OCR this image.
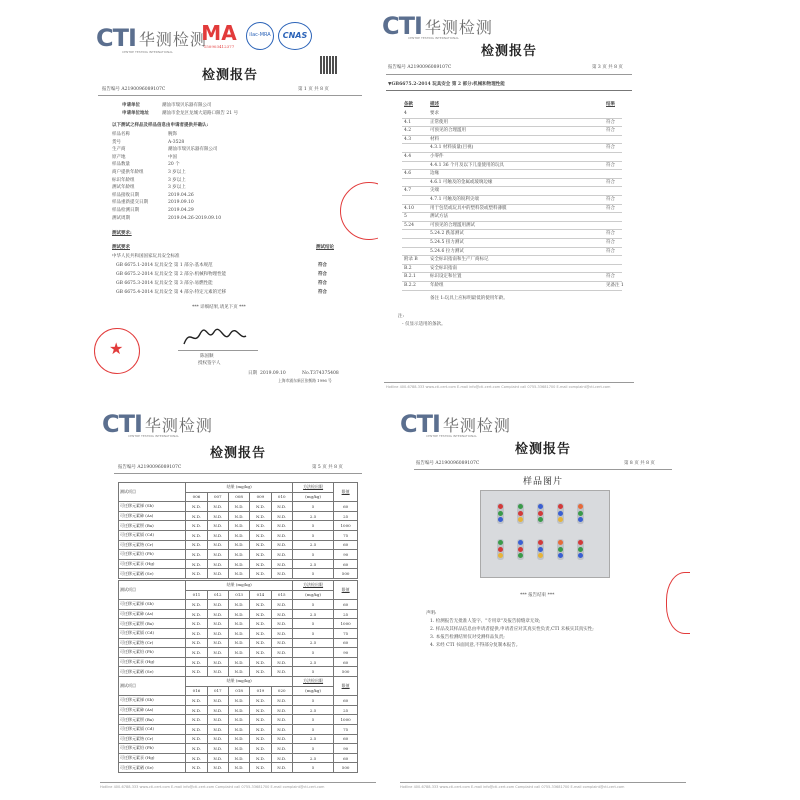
CTI 华测检测
CENTRE TESTING INTERNATIONAL
MA
150903412377
ilac-MRA	CNAS
检测报告
报告编号 A2190096089107C	第 1 页 共 8 页
申请单位	潮汕市瑞贝乐器有限公司
申请单位地址	潮汕市金龙区龙城大道路口限告 21 号
以下测试之样品及样品信息由申请者提供并确认:
样品名称	腕饰
货号	A-3528
生产商	潮汕市瑞贝乐器有限公司
原产地	中国
样品数量	20 个
商户提供年龄组	3 岁以上
标识年龄组	3 岁以上
测试年龄组	3 岁以上
样品接收日期	2019.04.26
样品重新提交日期	2019.09.10
样品检测日期	2019.04.29
测试周期	2019.04.26-2019.09.10
测试要求:
测试要求	测试结论
中华人民共和国国家玩具安全标准
GB 6675.1-2014 玩具安全 第 1 部分:基本规范	符合
GB 6675.2-2014 玩具安全 第 2 部分:机械和物理性能	符合
GB 6675.3-2014 玩具安全 第 3 部分:易燃性能	符合
GB 6675.4-2014 玩具安全 第 4 部分:特定元素的迁移	符合
*** 详细结果,请见下页 ***
陈国顺
授权签字人
日期 2019.09.10	No. T374375408
上海市浦东新区张衡路 1996 号
★
CTI 华测检测
CENTRE TESTING INTERNATIONAL
检测报告
报告编号 A2190096089107C	第 3 页 共 8 页
▼GB6675.2-2014 玩具安全 第 2 部分:机械和物理性能
条款	描述	结果
4	要求
4.1	正常使用	符合
4.2	可预见的合理滥用	符合
4.3	材料
4.3.1 材料质量(目视)	符合
4.4	小零件
4.4.1 36 个月及以下儿童使用的玩具	符合
4.6	边缘
4.6.1 可触及的金属或玻璃边缘	符合
4.7	尖端
4.7.1 可触及的锐利尖端	符合
4.10	用于包装或玩具中的塑料袋或塑料薄膜	符合
5	测试方法
5.24	可预见的合理滥用测试
5.24.2 跌落测试	符合
5.24.5 扭力测试	符合
5.24.6 拉力测试	符合
附录 B	安全标识指南和生产厂商标记
B.2	安全标识指南
B.2.1	标识设定和位置	符合
B.2.2	年龄组	见备注 1
备注 1:玩具上应标明最低的使用年龄。
注:
- 仅显示适用的条款。
Hotline 400-6788-333 www.cti-cert.com E-mail info@cti-cert.com Complaint call 0755-33681700 E-mail complaint@cti-cert.com
CTI 华测检测
CENTRE TESTING INTERNATIONAL
检测报告
报告编号 A2190096089107C	第 5 页 共 8 页
测试项目	结果 (mg/kg)					方法检出限	限值
	006	007	008	009	010	(mg/kg)	
可迁移元素锑 (Sb)	N.D.	N.D.	N.D.	N.D.	N.D.	5	60
可迁移元素砷 (As)	N.D.	N.D.	N.D.	N.D.	N.D.	2.5	25
可迁移元素钡 (Ba)	N.D.	N.D.	N.D.	N.D.	N.D.	5	1000
可迁移元素镉 (Cd)	N.D.	N.D.	N.D.	N.D.	N.D.	5	75
可迁移元素铬 (Cr)	N.D.	N.D.	N.D.	N.D.	N.D.	2.5	60
可迁移元素铅 (Pb)	N.D.	N.D.	N.D.	N.D.	N.D.	5	90
可迁移元素汞 (Hg)	N.D.	N.D.	N.D.	N.D.	N.D.	2.5	60
可迁移元素硒 (Se)	N.D.	N.D.	N.D.	N.D.	N.D.	5	500
测试项目	结果 (mg/kg)					方法检出限	限值
	011	012	013	014	015	(mg/kg)	
可迁移元素锑 (Sb)	N.D.	N.D.	N.D.	N.D.	N.D.	5	60
可迁移元素砷 (As)	N.D.	N.D.	N.D.	N.D.	N.D.	2.5	25
可迁移元素钡 (Ba)	N.D.	N.D.	N.D.	N.D.	N.D.	5	1000
可迁移元素镉 (Cd)	N.D.	N.D.	N.D.	N.D.	N.D.	5	75
可迁移元素铬 (Cr)	N.D.	N.D.	N.D.	N.D.	N.D.	2.5	60
可迁移元素铅 (Pb)	N.D.	N.D.	N.D.	N.D.	N.D.	5	90
可迁移元素汞 (Hg)	N.D.	N.D.	N.D.	N.D.	N.D.	2.5	60
可迁移元素硒 (Se)	N.D.	N.D.	N.D.	N.D.	N.D.	5	500
测试项目	结果 (mg/kg)					方法检出限	限值
	016	017	018	019	020	(mg/kg)	
可迁移元素锑 (Sb)	N.D.	N.D.	N.D.	N.D.	N.D.	5	60
可迁移元素砷 (As)	N.D.	N.D.	N.D.	N.D.	N.D.	2.5	25
可迁移元素钡 (Ba)	N.D.	N.D.	N.D.	N.D.	N.D.	5	1000
可迁移元素镉 (Cd)	N.D.	N.D.	N.D.	N.D.	N.D.	5	75
可迁移元素铬 (Cr)	N.D.	N.D.	N.D.	N.D.	N.D.	2.5	60
可迁移元素铅 (Pb)	N.D.	N.D.	N.D.	N.D.	N.D.	5	90
可迁移元素汞 (Hg)	N.D.	N.D.	N.D.	N.D.	N.D.	2.5	60
可迁移元素硒 (Se)	N.D.	N.D.	N.D.	N.D.	N.D.	5	500
Hotline 400-6788-333 www.cti-cert.com E-mail info@cti-cert.com Complaint call 0755-33681700 E-mail complaint@cti-cert.com
CTI 华测检测
CENTRE TESTING INTERNATIONAL
检测报告
报告编号 A2190096089107C	第 8 页 共 8 页
样品图片
*** 报告结束 ***
声明:
1. 检测报告无批准人签字、"专用章"及报告骑缝章无效;
2. 样品及其样品信息由申请者提供,申请者应对其真实性负责,CTI 未核实其真实性;
3. 本报告检测结果仅对受测样品负责;
4. 未经 CTI 书面同意,不得部分复制本报告。
Hotline 400-6788-333 www.cti-cert.com E-mail info@cti-cert.com Complaint call 0755-33681700 E-mail complaint@cti-cert.com
